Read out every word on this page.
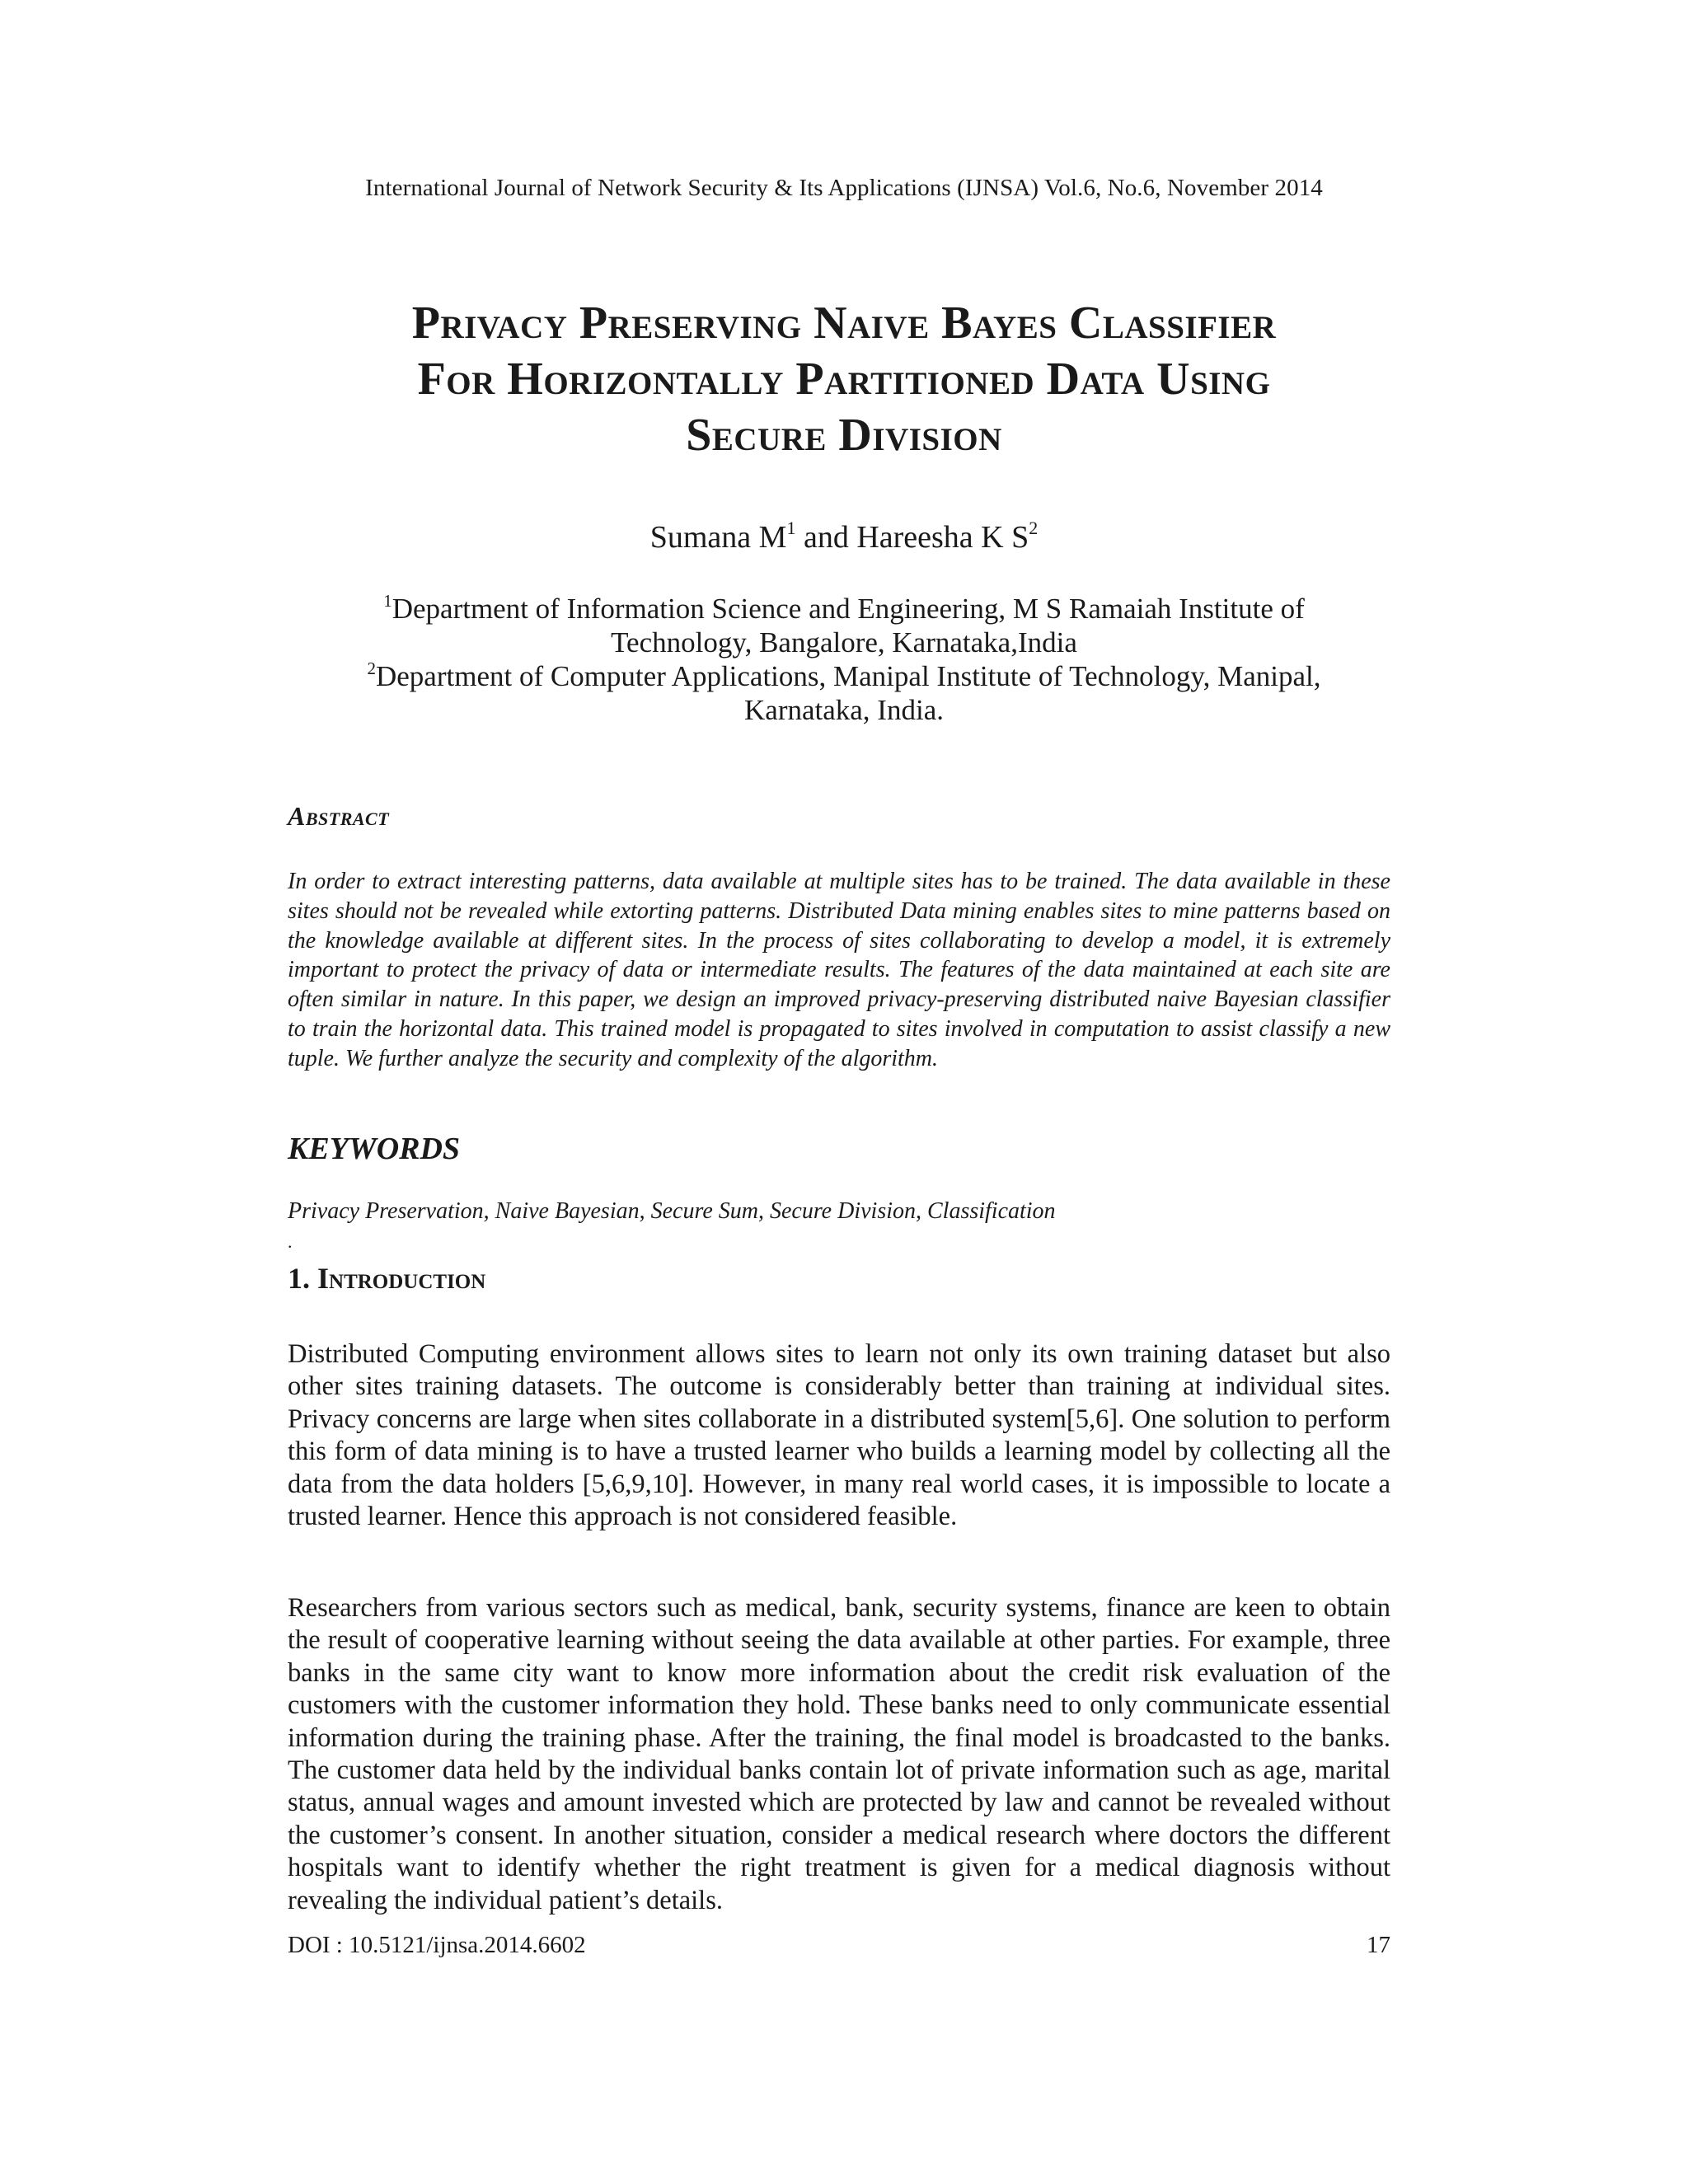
International Journal of Network Security & Its Applications (IJNSA) Vol.6, No.6, November 2014
Privacy Preserving Naive Bayes Classifier
For Horizontally Partitioned Data Using
Secure Division
Sumana $M^1$ and Hareesha K $S^2$
$^1$Department of Information Science and Engineering, M S Ramaiah Institute of
Technology, Bangalore, Karnataka,India
$^2$Department of Computer Applications, Manipal Institute of Technology, Manipal,
Karnataka, India.
Abstract
In order to extract interesting patterns, data available at multiple sites has to be trained. The data available in these sites should not be revealed while extorting patterns. Distributed Data mining enables sites to mine patterns based on the knowledge available at different sites. In the process of sites collaborating to develop a model, it is extremely important to protect the privacy of data or intermediate results. The features of the data maintained at each site are often similar in nature. In this paper, we design an improved privacy-preserving distributed naive Bayesian classifier to train the horizontal data. This trained model is propagated to sites involved in computation to assist classify a new tuple. We further analyze the security and complexity of the algorithm.
KEYWORDS
Privacy Preservation, Naive Bayesian, Secure Sum, Secure Division, Classification
.
1. Introduction
Distributed Computing environment allows sites to learn not only its own training dataset but also other sites training datasets. The outcome is considerably better than training at individual sites. Privacy concerns are large when sites collaborate in a distributed system[5,6]. One solution to perform this form of data mining is to have a trusted learner who builds a learning model by collecting all the data from the data holders [5,6,9,10]. However, in many real world cases, it is impossible to locate a trusted learner. Hence this approach is not considered feasible.
Researchers from various sectors such as medical, bank, security systems, finance are keen to obtain the result of cooperative learning without seeing the data available at other parties. For example, three banks in the same city want to know more information about the credit risk evaluation of the customers with the customer information they hold. These banks need to only communicate essential information during the training phase. After the training, the final model is broadcasted to the banks. The customer data held by the individual banks contain lot of private information such as age, marital status, annual wages and amount invested which are protected by law and cannot be revealed without the customer’s consent. In another situation, consider a medical research where doctors the different hospitals want to identify whether the right treatment is given for a medical diagnosis without revealing the individual patient’s details.
DOI : 10.5121/ijnsa.2014.6602	17
